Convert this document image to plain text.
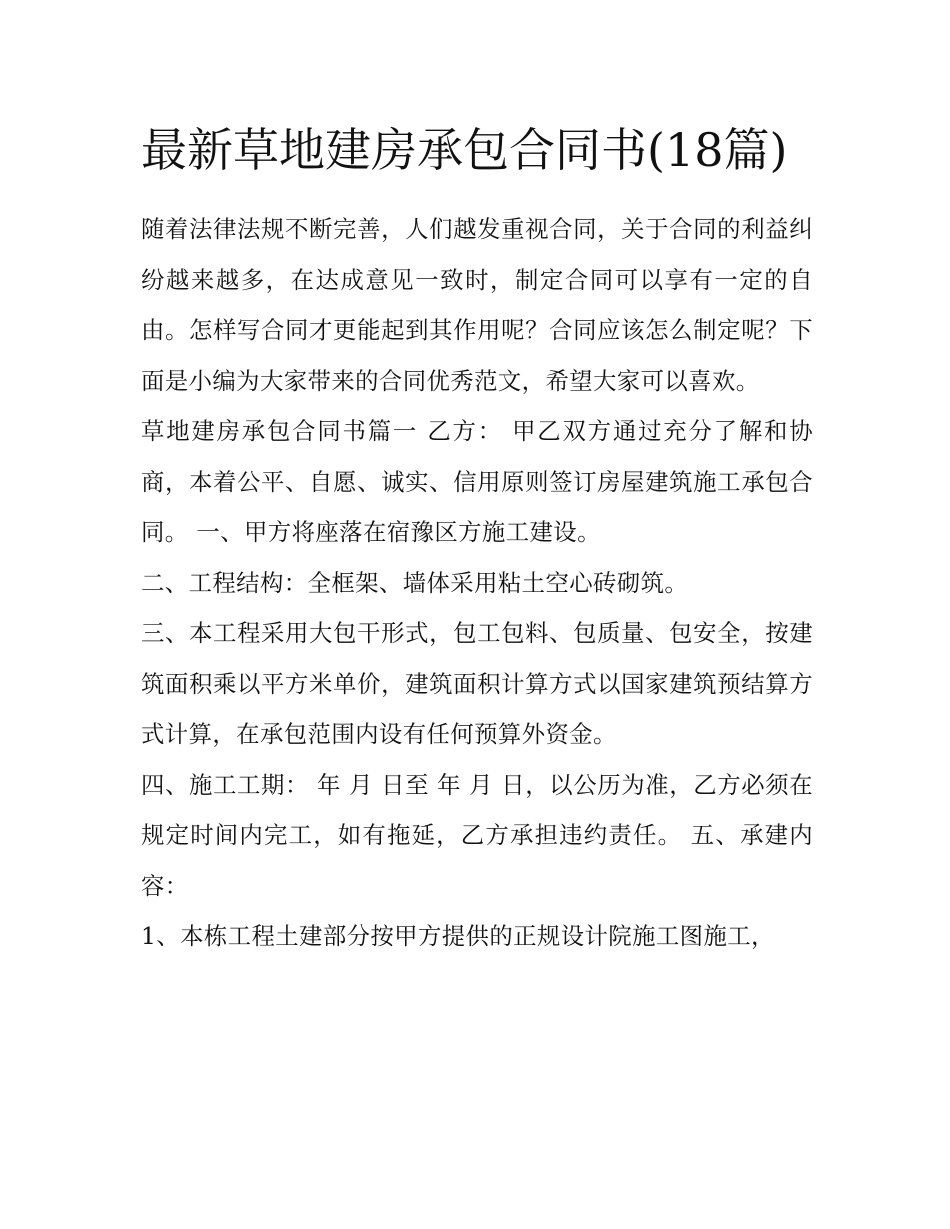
最新草地建房承包合同书(18篇)

随着法律法规不断完善，人们越发重视合同，关于合同的利益纠纷越来越多，在达成意见一致时，制定合同可以享有一定的自由。怎样写合同才更能起到其作用呢？合同应该怎么制定呢？下面是小编为大家带来的合同优秀范文，希望大家可以喜欢。

草地建房承包合同书篇一 乙方： 甲乙双方通过充分了解和协商，本着公平、自愿、诚实、信用原则签订房屋建筑施工承包合同。 一、甲方将座落在宿豫区方施工建设。

二、工程结构：全框架、墙体采用粘土空心砖砌筑。

三、本工程采用大包干形式，包工包料、包质量、包安全，按建筑面积乘以平方米单价，建筑面积计算方式以国家建筑预结算方式计算，在承包范围内设有任何预算外资金。

四、施工工期： 年 月 日至 年 月 日，以公历为准，乙方必须在规定时间内完工，如有拖延，乙方承担违约责任。 五、承建内容：

1、本栋工程土建部分按甲方提供的正规设计院施工图施工，
